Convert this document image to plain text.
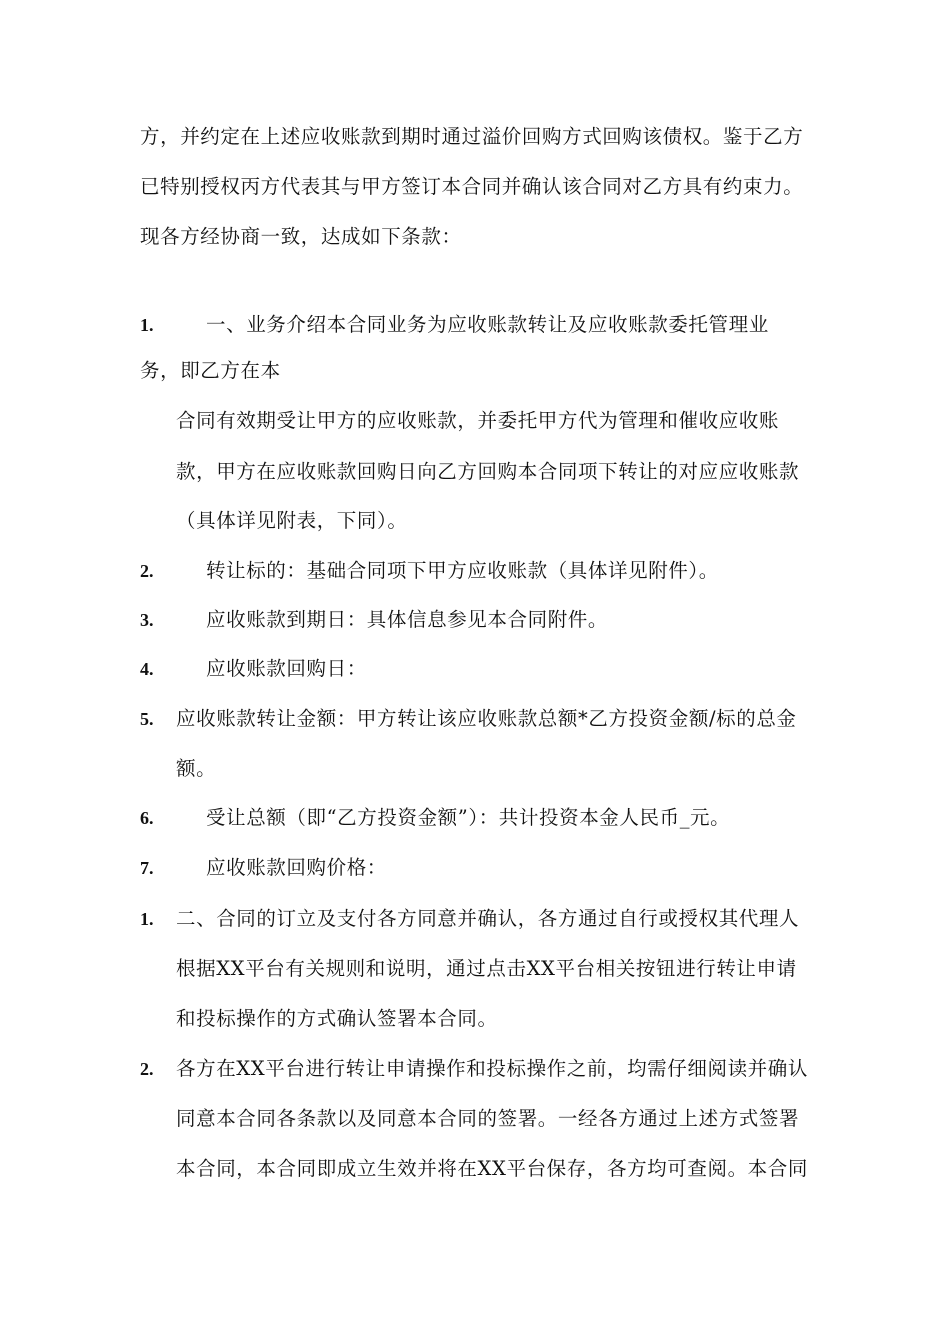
方，并约定在上述应收账款到期时通过溢价回购方式回购该债权。鉴于乙方
已特别授权丙方代表其与甲方签订本合同并确认该合同对乙方具有约束力。
现各方经协商一致，达成如下条款：
1.	一、业务介绍本合同业务为应收账款转让及应收账款委托管理业
务，即乙方在本
合同有效期受让甲方的应收账款，并委托甲方代为管理和催收应收账
款，甲方在应收账款回购日向乙方回购本合同项下转让的对应应收账款
（具体详见附表，下同）。
2.	转让标的：基础合同项下甲方应收账款（具体详见附件）。
3.	应收账款到期日：具体信息参见本合同附件。
4.	应收账款回购日：
5. 应收账款转让金额：甲方转让该应收账款总额*乙方投资金额/标的总金
额。
6.	受让总额（即“乙方投资金额”）：共计投资本金人民币_元。
7.	应收账款回购价格：
1. 二、合同的订立及支付各方同意并确认，各方通过自行或授权其代理人
根据XX平台有关规则和说明，通过点击XX平台相关按钮进行转让申请
和投标操作的方式确认签署本合同。
2. 各方在XX平台进行转让申请操作和投标操作之前，均需仔细阅读并确认
同意本合同各条款以及同意本合同的签署。一经各方通过上述方式签署
本合同，本合同即成立生效并将在XX平台保存，各方均可查阅。本合同
